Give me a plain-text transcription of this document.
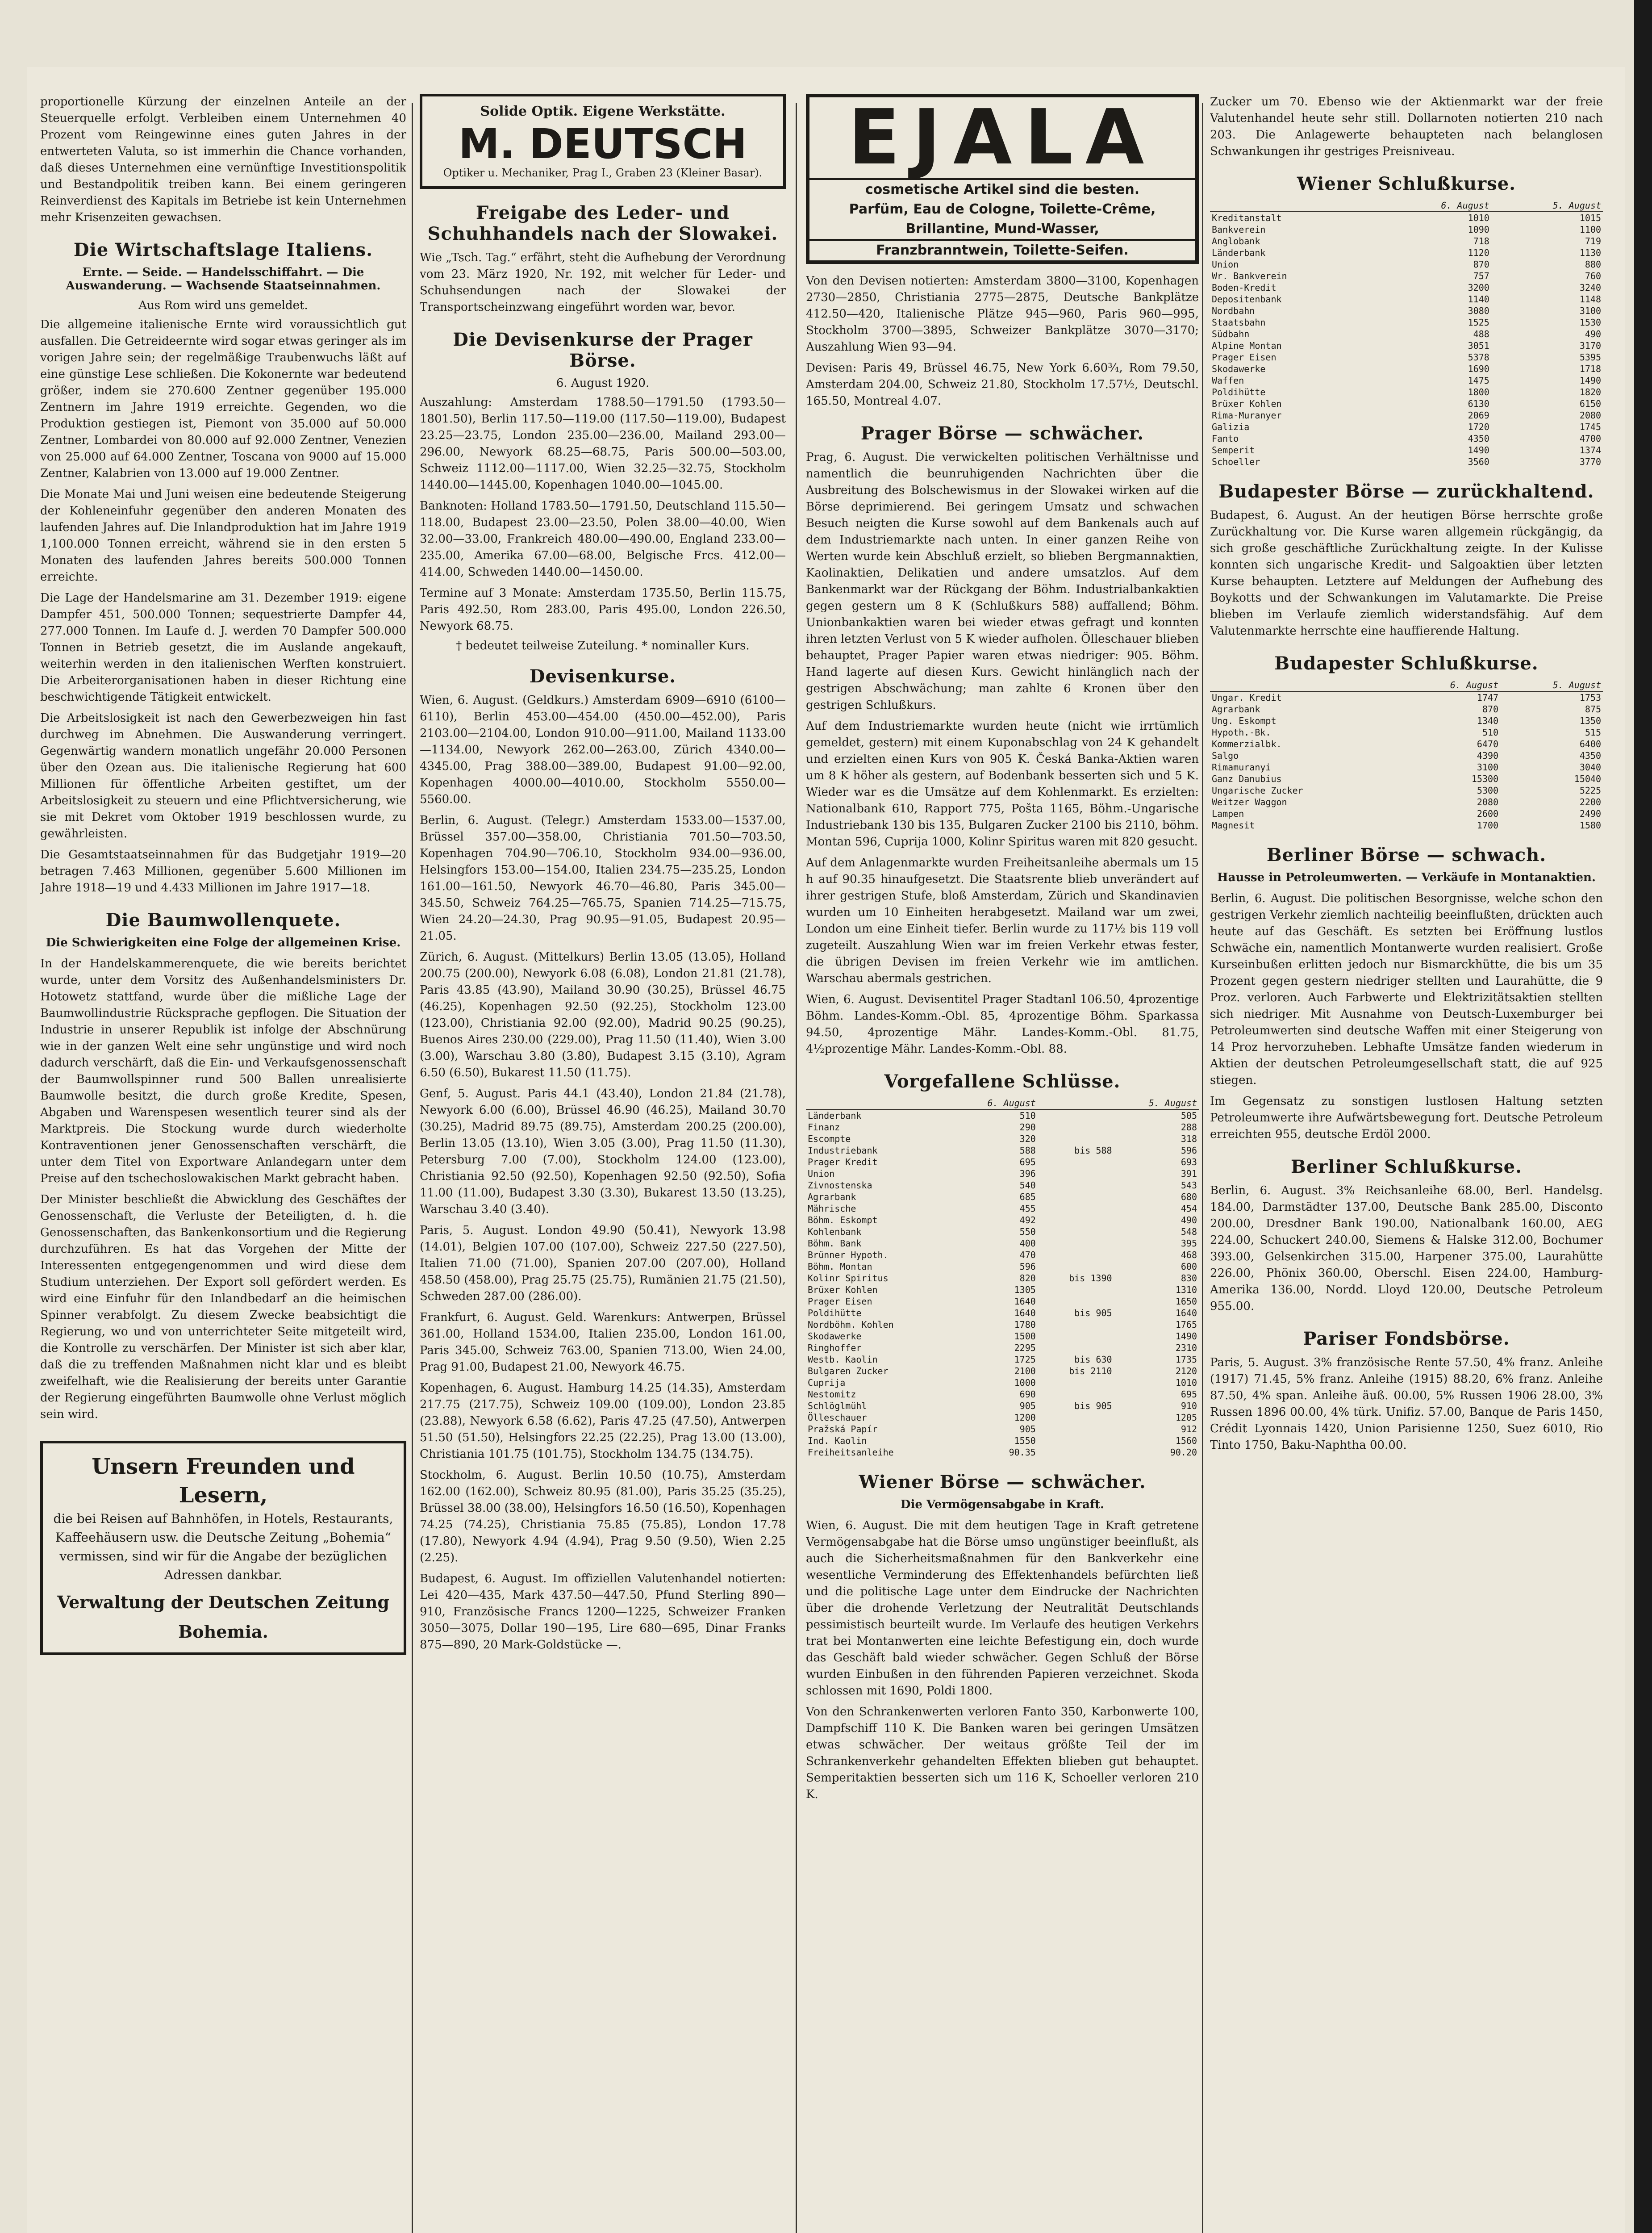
proportionelle Kürzung der einzelnen Anteile an der Steuerquelle erfolgt. Verbleiben einem Unternehmen 40 Prozent vom Reingewinne eines guten Jahres in der entwerteten Valuta, so ist immerhin die Chance vorhanden, daß dieses Unternehmen eine vernünftige Investitionspolitik und Bestandpolitik treiben kann. Bei einem geringeren Reinverdienst des Kapitals im Betriebe ist kein Unternehmen mehr Krisenzeiten gewachsen.

Die Wirtschaftslage Italiens.
Ernte. — Seide. — Handelsschiffahrt. — Die Auswanderung. — Wachsende Staatseinnahmen.
Aus Rom wird uns gemeldet.

Die allgemeine italienische Ernte wird voraussichtlich gut ausfallen. Die Getreideernte wird sogar etwas geringer als im vorigen Jahre sein; der regelmäßige Traubenwuchs läßt auf eine günstige Lese schließen. Die Kokonernte war bedeutend größer, indem sie 270.600 Zentner gegenüber 195.000 Zentnern im Jahre 1919 erreichte. Gegenden, wo die Produktion gestiegen ist, Piemont von 35.000 auf 50.000 Zentner, Lombardei von 80.000 auf 92.000 Zentner, Venezien von 25.000 auf 64.000 Zentner, Toscana von 9000 auf 15.000 Zentner, Kalabrien von 13.000 auf 19.000 Zentner.

Die Monate Mai und Juni weisen eine bedeutende Steigerung der Kohleneinfuhr gegenüber den anderen Monaten des laufenden Jahres auf. Die Inlandproduktion hat im Jahre 1919 1,100.000 Tonnen erreicht, während sie in den ersten 5 Monaten des laufenden Jahres bereits 500.000 Tonnen erreichte.

Die Lage der Handelsmarine am 31. Dezember 1919: eigene Dampfer 451, 500.000 Tonnen; sequestrierte Dampfer 44, 277.000 Tonnen. Im Laufe d. J. werden 70 Dampfer 500.000 Tonnen in Betrieb gesetzt, die im Auslande angekauft, weiterhin werden in den italienischen Werften konstruiert. Die Arbeiterorganisationen haben in dieser Richtung eine beschwichtigende Tätigkeit entwickelt.

Die Arbeitslosigkeit ist nach den Gewerbezweigen hin fast durchweg im Abnehmen. Die Auswanderung verringert. Gegenwärtig wandern monatlich ungefähr 20.000 Personen über den Ozean aus. Die italienische Regierung hat 600 Millionen für öffentliche Arbeiten gestiftet, um der Arbeitslosigkeit zu steuern und eine Pflichtversicherung, wie sie mit Dekret vom Oktober 1919 beschlossen wurde, zu gewährleisten.

Die Gesamtstaatseinnahmen für das Budgetjahr 1919—20 betragen 7.463 Millionen, gegenüber 5.600 Millionen im Jahre 1918—19 und 4.433 Millionen im Jahre 1917—18.

Die Baumwollenquete.
Die Schwierigkeiten eine Folge der allgemeinen Krise.

In der Handelskammerenquete, die wie bereits berichtet wurde, unter dem Vorsitz des Außenhandelsministers Dr. Hotowetz stattfand, wurde über die mißliche Lage der Baumwollindustrie Rücksprache gepflogen. Die Situation der Industrie in unserer Republik ist infolge der Abschnürung wie in der ganzen Welt eine sehr ungünstige und wird noch dadurch verschärft, daß die Ein- und Verkaufsgenossenschaft der Baumwollspinner rund 500 Ballen unrealisierte Baumwolle besitzt, die durch große Kredite, Spesen, Abgaben und Warenspesen wesentlich teurer sind als der Marktpreis. Die Stockung wurde durch wiederholte Kontraventionen jener Genossenschaften verschärft, die unter dem Titel von Exportware Anlandegarn unter dem Preise auf den tschechoslowakischen Markt gebracht haben.

Der Minister beschließt die Abwicklung des Geschäftes der Genossenschaft, die Verluste der Beteiligten, d. h. die Genossenschaften, das Bankenkonsortium und die Regierung durchzuführen. Es hat das Vorgehen der Mitte der Interessenten entgegengenommen und wird diese dem Studium unterziehen. Der Export soll gefördert werden. Es wird eine Einfuhr für den Inlandbedarf an die heimischen Spinner verabfolgt. Zu diesem Zwecke beabsichtigt die Regierung, wo und von unterrichteter Seite mitgeteilt wird, die Kontrolle zu verschärfen. Der Minister ist sich aber klar, daß die zu treffenden Maßnahmen nicht klar und es bleibt zweifelhaft, wie die Realisierung der bereits unter Garantie der Regierung eingeführten Baumwolle ohne Verlust möglich sein wird.

Unsern Freunden und Lesern,
die bei Reisen auf Bahnhöfen, in Hotels, Restaurants, Kaffeehäusern usw. die Deutsche Zeitung „Bohemia“ vermissen, sind wir für die Angabe der bezüglichen Adressen dankbar.
Verwaltung der Deutschen Zeitung
Bohemia.
Solide Optik. Eigene Werkstätte.
M. DEUTSCH
Optiker u. Mechaniker, Prag I., Graben 23 (Kleiner Basar).
Freigabe des Leder- und Schuhhandels nach der Slowakei.

Wie „Tsch. Tag.“ erfährt, steht die Aufhebung der Verordnung vom 23. März 1920, Nr. 192, mit welcher für Leder- und Schuhsendungen nach der Slowakei der Transportscheinzwang eingeführt worden war, bevor.

Die Devisenkurse der Prager Börse.
6. August 1920.

Auszahlung: Amsterdam 1788.50—1791.50 (1793.50—1801.50), Berlin 117.50—119.00 (117.50—119.00), Budapest 23.25—23.75, London 235.00—236.00, Mailand 293.00—296.00, Newyork 68.25—68.75, Paris 500.00—503.00, Schweiz 1112.00—1117.00, Wien 32.25—32.75, Stockholm 1440.00—1445.00, Kopenhagen 1040.00—1045.00.

Banknoten: Holland 1783.50—1791.50, Deutschland 115.50—118.00, Budapest 23.00—23.50, Polen 38.00—40.00, Wien 32.00—33.00, Frankreich 480.00—490.00, England 233.00—235.00, Amerika 67.00—68.00, Belgische Frcs. 412.00—414.00, Schweden 1440.00—1450.00.

Termine auf 3 Monate: Amsterdam 1735.50, Berlin 115.75, Paris 492.50, Rom 283.00, Paris 495.00, London 226.50, Newyork 68.75.

† bedeutet teilweise Zuteilung. * nominaller Kurs.
Devisenkurse.

Wien, 6. August. (Geldkurs.) Amsterdam 6909—6910 (6100—6110), Berlin 453.00—454.00 (450.00—452.00), Paris 2103.00—2104.00, London 910.00—911.00, Mailand 1133.00—1134.00, Newyork 262.00—263.00, Zürich 4340.00—4345.00, Prag 388.00—389.00, Budapest 91.00—92.00, Kopenhagen 4000.00—4010.00, Stockholm 5550.00—5560.00.

Berlin, 6. August. (Telegr.) Amsterdam 1533.00—1537.00, Brüssel 357.00—358.00, Christiania 701.50—703.50, Kopenhagen 704.90—706.10, Stockholm 934.00—936.00, Helsingfors 153.00—154.00, Italien 234.75—235.25, London 161.00—161.50, Newyork 46.70—46.80, Paris 345.00—345.50, Schweiz 764.25—765.75, Spanien 714.25—715.75, Wien 24.20—24.30, Prag 90.95—91.05, Budapest 20.95—21.05.

Zürich, 6. August. (Mittelkurs) Berlin 13.05 (13.05), Holland 200.75 (200.00), Newyork 6.08 (6.08), London 21.81 (21.78), Paris 43.85 (43.90), Mailand 30.90 (30.25), Brüssel 46.75 (46.25), Kopenhagen 92.50 (92.25), Stockholm 123.00 (123.00), Christiania 92.00 (92.00), Madrid 90.25 (90.25), Buenos Aires 230.00 (229.00), Prag 11.50 (11.40), Wien 3.00 (3.00), Warschau 3.80 (3.80), Budapest 3.15 (3.10), Agram 6.50 (6.50), Bukarest 11.50 (11.75).

Genf, 5. August. Paris 44.1 (43.40), London 21.84 (21.78), Newyork 6.00 (6.00), Brüssel 46.90 (46.25), Mailand 30.70 (30.25), Madrid 89.75 (89.75), Amsterdam 200.25 (200.00), Berlin 13.05 (13.10), Wien 3.05 (3.00), Prag 11.50 (11.30), Petersburg 7.00 (7.00), Stockholm 124.00 (123.00), Christiania 92.50 (92.50), Kopenhagen 92.50 (92.50), Sofia 11.00 (11.00), Budapest 3.30 (3.30), Bukarest 13.50 (13.25), Warschau 3.40 (3.40).

Paris, 5. August. London 49.90 (50.41), Newyork 13.98 (14.01), Belgien 107.00 (107.00), Schweiz 227.50 (227.50), Italien 71.00 (71.00), Spanien 207.00 (207.00), Holland 458.50 (458.00), Prag 25.75 (25.75), Rumänien 21.75 (21.50), Schweden 287.00 (286.00).

Frankfurt, 6. August. Geld. Warenkurs: Antwerpen, Brüssel 361.00, Holland 1534.00, Italien 235.00, London 161.00, Paris 345.00, Schweiz 763.00, Spanien 713.00, Wien 24.00, Prag 91.00, Budapest 21.00, Newyork 46.75.

Kopenhagen, 6. August. Hamburg 14.25 (14.35), Amsterdam 217.75 (217.75), Schweiz 109.00 (109.00), London 23.85 (23.88), Newyork 6.58 (6.62), Paris 47.25 (47.50), Antwerpen 51.50 (51.50), Helsingfors 22.25 (22.25), Prag 13.00 (13.00), Christiania 101.75 (101.75), Stockholm 134.75 (134.75).

Stockholm, 6. August. Berlin 10.50 (10.75), Amsterdam 162.00 (162.00), Schweiz 80.95 (81.00), Paris 35.25 (35.25), Brüssel 38.00 (38.00), Helsingfors 16.50 (16.50), Kopenhagen 74.25 (74.25), Christiania 75.85 (75.85), London 17.78 (17.80), Newyork 4.94 (4.94), Prag 9.50 (9.50), Wien 2.25 (2.25).

Budapest, 6. August. Im offiziellen Valutenhandel notierten: Lei 420—435, Mark 437.50—447.50, Pfund Sterling 890—910, Französische Francs 1200—1225, Schweizer Franken 3050—3075, Dollar 190—195, Lire 680—695, Dinar Franks 875—890, 20 Mark-Goldstücke —.

EJALA
cosmetische Artikel sind die besten.
Parfüm, Eau de Cologne, Toilette-Crême, Brillantine, Mund-Wasser,
Franzbranntwein, Toilette-Seifen.

Von den Devisen notierten: Amsterdam 3800—3100, Kopenhagen 2730—2850, Christiania 2775—2875, Deutsche Bankplätze 412.50—420, Italienische Plätze 945—960, Paris 960—995, Stockholm 3700—3895, Schweizer Bankplätze 3070—3170; Auszahlung Wien 93—94.

Devisen: Paris 49, Brüssel 46.75, New York 6.60¾, Rom 79.50, Amsterdam 204.00, Schweiz 21.80, Stockholm 17.57½, Deutschl. 165.50, Montreal 4.07.

Prager Börse — schwächer.

Prag, 6. August. Die verwickelten politischen Verhältnisse und namentlich die beunruhigenden Nachrichten über die Ausbreitung des Bolschewismus in der Slowakei wirken auf die Börse deprimierend. Bei geringem Umsatz und schwachen Besuch neigten die Kurse sowohl auf dem Bankenals auch auf dem Industriemarkte nach unten. In einer ganzen Reihe von Werten wurde kein Abschluß erzielt, so blieben Bergmannaktien, Kaolinaktien, Delikatien und andere umsatzlos. Auf dem Bankenmarkt war der Rückgang der Böhm. Industrialbankaktien gegen gestern um 8 K (Schlußkurs 588) auffallend; Böhm. Unionbankaktien waren bei wieder etwas gefragt und konnten ihren letzten Verlust von 5 K wieder aufholen. Ölleschauer blieben behauptet, Prager Papier waren etwas niedriger: 905. Böhm. Hand lagerte auf diesen Kurs. Gewicht hinlänglich nach der gestrigen Abschwächung; man zahlte 6 Kronen über den gestrigen Schlußkurs.

Auf dem Industriemarkte wurden heute (nicht wie irrtümlich gemeldet, gestern) mit einem Kuponabschlag von 24 K gehandelt und erzielten einen Kurs von 905 K. Česká Banka-Aktien waren um 8 K höher als gestern, auf Bodenbank besserten sich und 5 K. Wieder war es die Umsätze auf dem Kohlenmarkt. Es erzielten: Nationalbank 610, Rapport 775, Pošta 1165, Böhm.-Ungarische Industriebank 130 bis 135, Bulgaren Zucker 2100 bis 2110, böhm. Montan 596, Cuprija 1000, Kolinr Spiritus waren mit 820 gesucht.

Auf dem Anlagenmarkte wurden Freiheitsanleihe abermals um 15 h auf 90.35 hinaufgesetzt. Die Staatsrente blieb unverändert auf ihrer gestrigen Stufe, bloß Amsterdam, Zürich und Skandinavien wurden um 10 Einheiten herabgesetzt. Mailand war um zwei, London um eine Einheit tiefer. Berlin wurde zu 117½ bis 119 voll zugeteilt. Auszahlung Wien war im freien Verkehr etwas fester, die übrigen Devisen im freien Verkehr wie im amtlichen. Warschau abermals gestrichen.

Wien, 6. August. Devisentitel Prager Stadtanl 106.50, 4prozentige Böhm. Landes-Komm.-Obl. 85, 4prozentige Böhm. Sparkassa 94.50, 4prozentige Mähr. Landes-Komm.-Obl. 81.75, 4½prozentige Mähr. Landes-Komm.-Obl. 88.

Vorgefallene Schlüsse.
	6. August		5. August
Länderbank	510		505
Finanz	290		288
Escompte	320		318
Industriebank	588	bis 588	596
Prager Kredit	695		693
Union	396		391
Zivnostenska	540		543
Agrarbank	685		680
Mährische	455		454
Böhm. Eskompt	492		490
Kohlenbank	550		548
Böhm. Bank	400		395
Brünner Hypoth.	470		468
Böhm. Montan	596		600
Kolinr Spiritus	820	bis 1390	830
Brüxer Kohlen	1305		1310
Prager Eisen	1640		1650
Poldihütte	1640	bis 905	1640
Nordböhm. Kohlen	1780		1765
Skodawerke	1500		1490
Ringhoffer	2295		2310
Westb. Kaolin	1725	bis 630	1735
Bulgaren Zucker	2100	bis 2110	2120
Cuprija	1000		1010
Nestomitz	690		695
Schlöglmühl	905	bis 905	910
Ölleschauer	1200		1205
Pražská Papír	905		912
Ind. Kaolin	1550		1560
Freiheitsanleihe	90.35		90.20
Wiener Börse — schwächer.
Die Vermögensabgabe in Kraft.

Wien, 6. August. Die mit dem heutigen Tage in Kraft getretene Vermögensabgabe hat die Börse umso ungünstiger beeinflußt, als auch die Sicherheitsmaßnahmen für den Bankverkehr eine wesentliche Verminderung des Effektenhandels befürchten ließ und die politische Lage unter dem Eindrucke der Nachrichten über die drohende Verletzung der Neutralität Deutschlands pessimistisch beurteilt wurde. Im Verlaufe des heutigen Verkehrs trat bei Montanwerten eine leichte Befestigung ein, doch wurde das Geschäft bald wieder schwächer. Gegen Schluß der Börse wurden Einbußen in den führenden Papieren verzeichnet. Skoda schlossen mit 1690, Poldi 1800.

Von den Schrankenwerten verloren Fanto 350, Karbonwerte 100, Dampfschiff 110 K. Die Banken waren bei geringen Umsätzen etwas schwächer. Der weitaus größte Teil der im Schrankenverkehr gehandelten Effekten blieben gut behauptet. Semperitaktien besserten sich um 116 K, Schoeller verloren 210 K.

Zucker um 70. Ebenso wie der Aktienmarkt war der freie Valutenhandel heute sehr still. Dollarnoten notierten 210 nach 203. Die Anlagewerte behaupteten nach belanglosen Schwankungen ihr gestriges Preisniveau.

Wiener Schlußkurse.
	6. August	5. August
Kreditanstalt	1010	1015
Bankverein	1090	1100
Anglobank	718	719
Länderbank	1120	1130
Union	870	880
Wr. Bankverein	757	760
Boden-Kredit	3200	3240
Depositenbank	1140	1148
Nordbahn	3080	3100
Staatsbahn	1525	1530
Südbahn	488	490
Alpine Montan	3051	3170
Prager Eisen	5378	5395
Skodawerke	1690	1718
Waffen	1475	1490
Poldihütte	1800	1820
Brüxer Kohlen	6130	6150
Rima-Muranyer	2069	2080
Galizia	1720	1745
Fanto	4350	4700
Semperit	1490	1374
Schoeller	3560	3770
Budapester Börse — zurückhaltend.

Budapest, 6. August. An der heutigen Börse herrschte große Zurückhaltung vor. Die Kurse waren allgemein rückgängig, da sich große geschäftliche Zurückhaltung zeigte. In der Kulisse konnten sich ungarische Kredit- und Salgoaktien über letzten Kurse behaupten. Letztere auf Meldungen der Aufhebung des Boykotts und der Schwankungen im Valutamarkte. Die Preise blieben im Verlaufe ziemlich widerstandsfähig. Auf dem Valutenmarkte herrschte eine hauffierende Haltung.

Budapester Schlußkurse.
	6. August	5. August
Ungar. Kredit	1747	1753
Agrarbank	870	875
Ung. Eskompt	1340	1350
Hypoth.-Bk.	510	515
Kommerzialbk.	6470	6400
Salgo	4390	4350
Rimamuranyi	3100	3040
Ganz Danubius	15300	15040
Ungarische Zucker	5300	5225
Weitzer Waggon	2080	2200
Lampen	2600	2490
Magnesit	1700	1580
Berliner Börse — schwach.
Hausse in Petroleumwerten. — Verkäufe in Montanaktien.

Berlin, 6. August. Die politischen Besorgnisse, welche schon den gestrigen Verkehr ziemlich nachteilig beeinflußten, drückten auch heute auf das Geschäft. Es setzten bei Eröffnung lustlos Schwäche ein, namentlich Montanwerte wurden realisiert. Große Kurseinbußen erlitten jedoch nur Bismarckhütte, die bis um 35 Prozent gegen gestern niedriger stellten und Laurahütte, die 9 Proz. verloren. Auch Farbwerte und Elektrizitätsaktien stellten sich niedriger. Mit Ausnahme von Deutsch-Luxemburger bei Petroleumwerten sind deutsche Waffen mit einer Steigerung von 14 Proz hervorzuheben. Lebhafte Umsätze fanden wiederum in Aktien der deutschen Petroleumgesellschaft statt, die auf 925 stiegen.

Im Gegensatz zu sonstigen lustlosen Haltung setzten Petroleumwerte ihre Aufwärtsbewegung fort. Deutsche Petroleum erreichten 955, deutsche Erdöl 2000.

Berliner Schlußkurse.

Berlin, 6. August. 3% Reichsanleihe 68.00, Berl. Handelsg. 184.00, Darmstädter 137.00, Deutsche Bank 285.00, Disconto 200.00, Dresdner Bank 190.00, Nationalbank 160.00, AEG 224.00, Schuckert 240.00, Siemens & Halske 312.00, Bochumer 393.00, Gelsenkirchen 315.00, Harpener 375.00, Laurahütte 226.00, Phönix 360.00, Oberschl. Eisen 224.00, Hamburg-Amerika 136.00, Nordd. Lloyd 120.00, Deutsche Petroleum 955.00.

Pariser Fondsbörse.

Paris, 5. August. 3% französische Rente 57.50, 4% franz. Anleihe (1917) 71.45, 5% franz. Anleihe (1915) 88.20, 6% franz. Anleihe 87.50, 4% span. Anleihe äuß. 00.00, 5% Russen 1906 28.00, 3% Russen 1896 00.00, 4% türk. Unifiz. 57.00, Banque de Paris 1450, Crédit Lyonnais 1420, Union Parisienne 1250, Suez 6010, Rio Tinto 1750, Baku-Naphtha 00.00.
